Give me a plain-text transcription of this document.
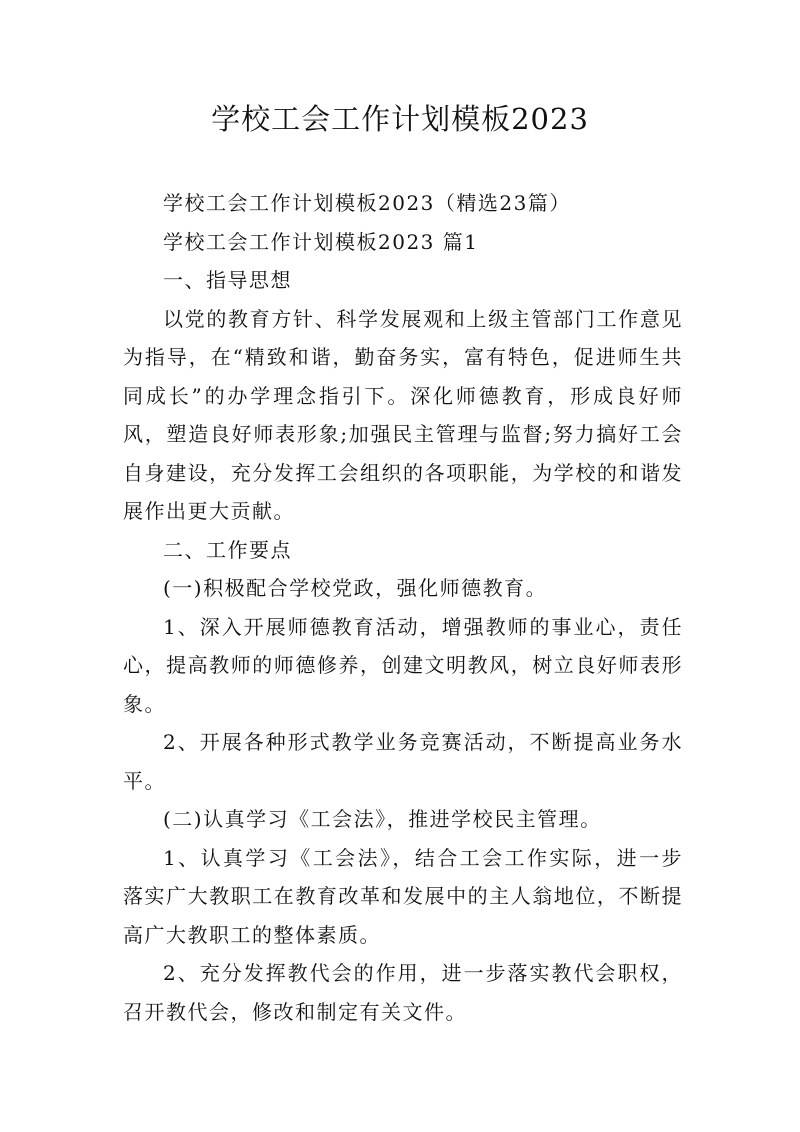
学校工会工作计划模板2023

学校工会工作计划模板2023（精选23篇）

学校工会工作计划模板2023 篇1

一、指导思想

以党的教育方针、科学发展观和上级主管部门工作意见为指导，在“精致和谐，勤奋务实，富有特色，促进师生共同成长”的办学理念指引下。深化师德教育，形成良好师风，塑造良好师表形象;加强民主管理与监督;努力搞好工会自身建设，充分发挥工会组织的各项职能，为学校的和谐发展作出更大贡献。

二、工作要点

(一)积极配合学校党政，强化师德教育。

1、深入开展师德教育活动，增强教师的事业心，责任心，提高教师的师德修养，创建文明教风，树立良好师表形象。

2、开展各种形式教学业务竞赛活动，不断提高业务水平。

(二)认真学习《工会法》，推进学校民主管理。

1、认真学习《工会法》，结合工会工作实际，进一步落实广大教职工在教育改革和发展中的主人翁地位，不断提高广大教职工的整体素质。

2、充分发挥教代会的作用，进一步落实教代会职权，召开教代会，修改和制定有关文件。
